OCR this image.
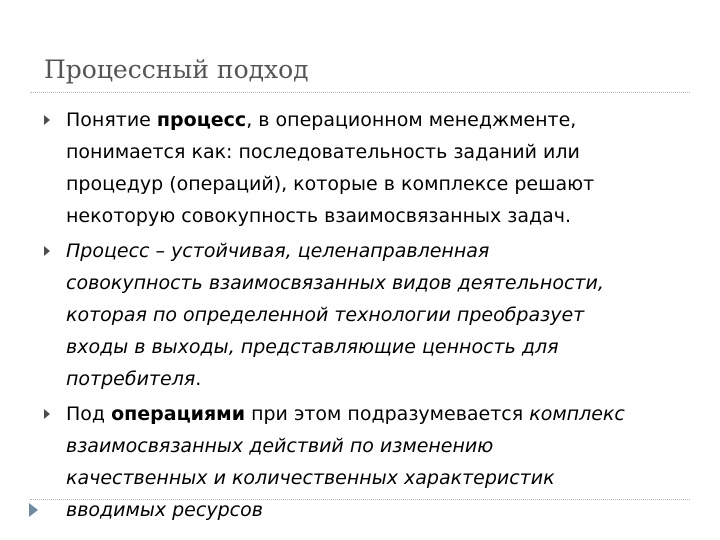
Процессный подход
Понятие процесс, в операционном менеджменте,
понимается как: последовательность заданий или
процедур (операций), которые в комплексе решают
некоторую совокупность взаимосвязанных задач.
Процесс – устойчивая, целенаправленная
совокупность взаимосвязанных видов деятельности,
которая по определенной технологии преобразует
входы в выходы, представляющие ценность для
потребителя.
Под операциями при этом подразумевается комплекс
взаимосвязанных действий по изменению
качественных и количественных характеристик
вводимых ресурсов
